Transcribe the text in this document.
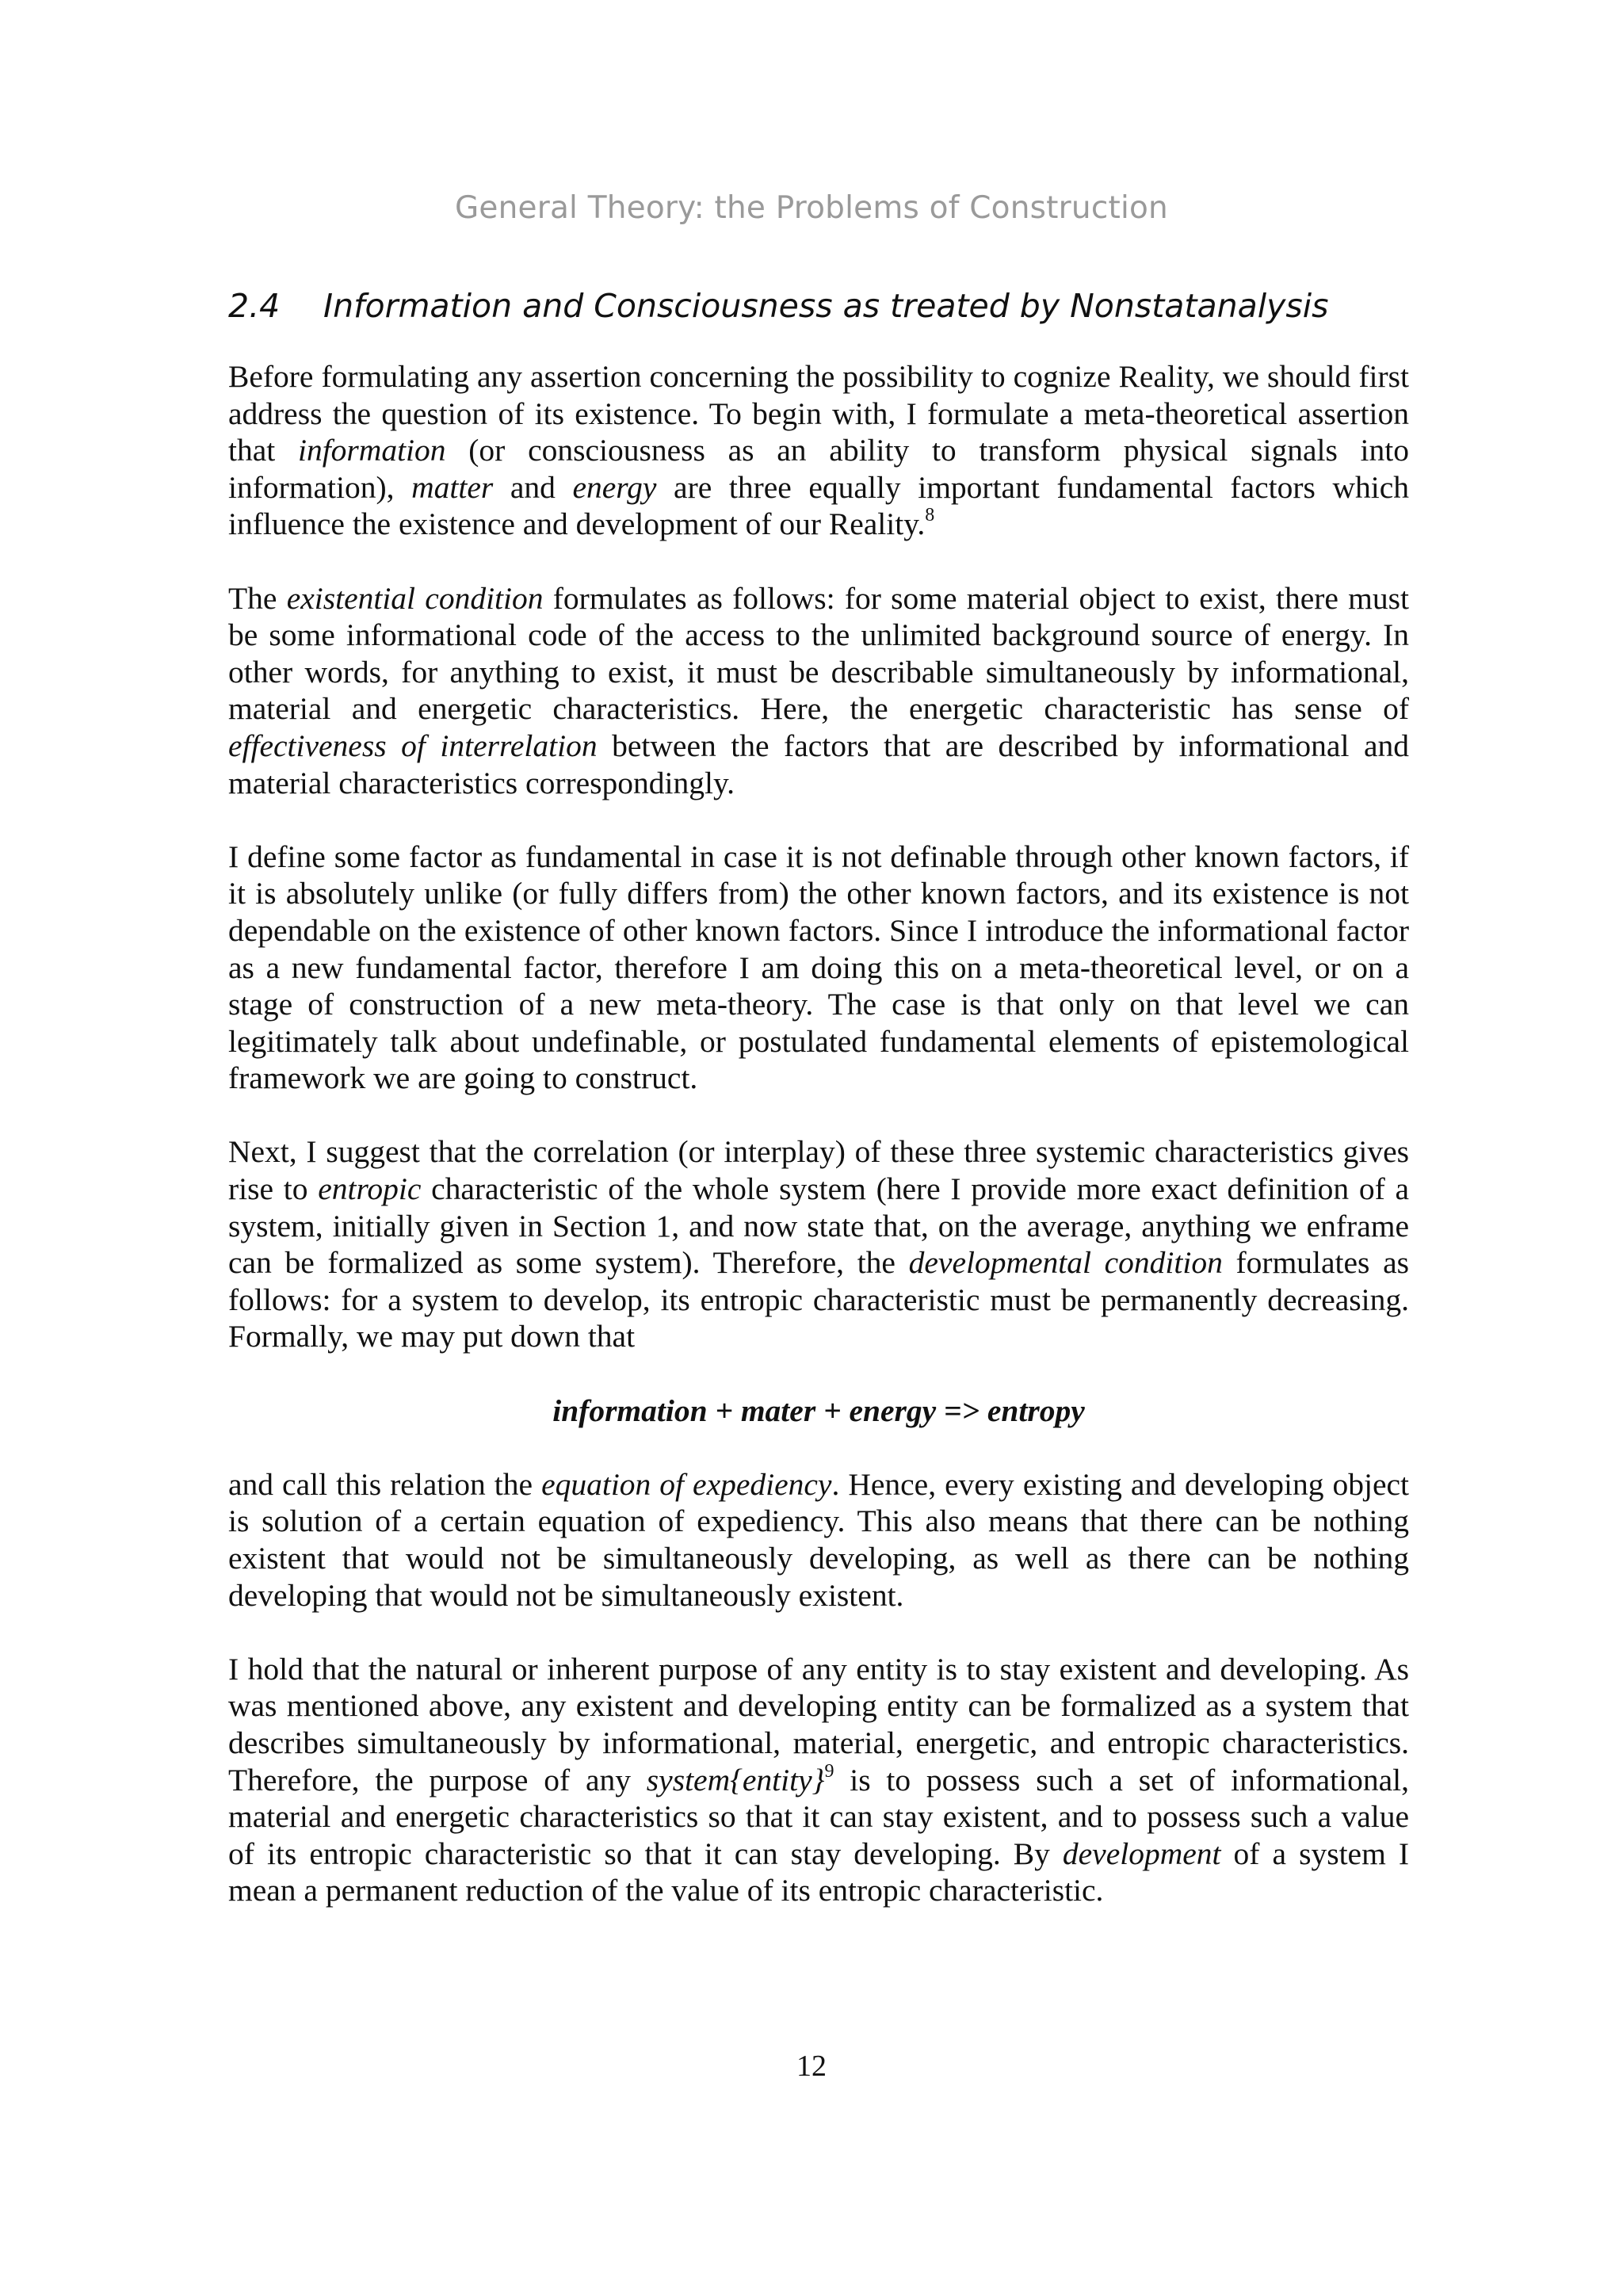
General Theory: the Problems of Construction
2.4 Information and Consciousness as treated by Nonstatanalysis

Before formulating any assertion concerning the possibility to cognize Reality, we should first address the question of its existence. To begin with, I formulate a meta-theoretical assertion that information (or consciousness as an ability to transform physical signals into information), matter and energy are three equally important fundamental factors which influence the existence and development of our Reality.$^8$

The existential condition formulates as follows: for some material object to exist, there must be some informational code of the access to the unlimited background source of energy. In other words, for anything to exist, it must be describable simultaneously by informational, material and energetic characteristics. Here, the energetic characteristic has sense of effectiveness of interrelation between the factors that are described by informational and material characteristics correspondingly.

I define some factor as fundamental in case it is not definable through other known factors, if it is absolutely unlike (or fully differs from) the other known factors, and its existence is not dependable on the existence of other known factors. Since I introduce the informational factor as a new fundamental factor, therefore I am doing this on a meta-theoretical level, or on a stage of construction of a new meta-theory. The case is that only on that level we can legitimately talk about undefinable, or postulated fundamental elements of epistemological framework we are going to construct.

Next, I suggest that the correlation (or interplay) of these three systemic characteristics gives rise to entropic characteristic of the whole system (here I provide more exact definition of a system, initially given in Section 1, and now state that, on the average, anything we enframe can be formalized as some system). Therefore, the developmental condition formulates as follows: for a system to develop, its entropic characteristic must be permanently decreasing. Formally, we may put down that

information + mater + energy => entropy

and call this relation the equation of expediency. Hence, every existing and developing object is solution of a certain equation of expediency. This also means that there can be nothing existent that would not be simultaneously developing, as well as there can be nothing developing that would not be simultaneously existent.

I hold that the natural or inherent purpose of any entity is to stay existent and developing. As was mentioned above, any existent and developing entity can be formalized as a system that describes simultaneously by informational, material, energetic, and entropic characteristics. Therefore, the purpose of any system{entity}$^9$ is to possess such a set of informational, material and energetic characteristics so that it can stay existent, and to possess such a value of its entropic characteristic so that it can stay developing. By development of a system I mean a permanent reduction of the value of its entropic characteristic.

12
